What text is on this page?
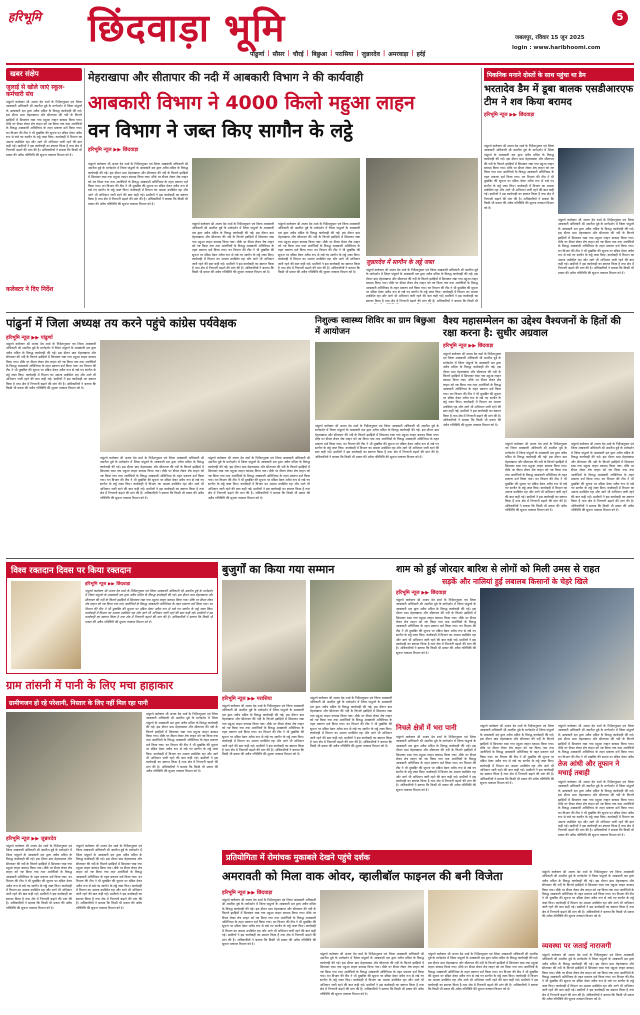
हरिभूमि छिंदवाड़ा भूमि	5
पांढुर्णा | सौसर | चौरई | बिछुआ | परासिया | जुन्नारदेव | अमरवाड़ा | हर्रई
जबलपुर, रविवार 15 जून 2025
login : www.haribhoomi.com
खबर संक्षेप
जुलाई से खोले जाएं स्कूल-कर्मचारी संघ
पांढुर्णा कलेक्टर श्री अजय देव शर्मा के निर्देशानुसार एवं जिला आबकारी अधिकारी श्री अमरीश दुबे के मार्गदर्शन में जिला पांढुर्णा के आबकारी दल द्वारा अवैध मदिरा के विरुद्ध कार्यवाही की गई। इस दौरान ग्राम मेहराखापा और सीतापार की नदी के किनारे झाड़ियों में छिपाकर रखा गया महुआ लाहन बरामद किया गया। मौके पर सैंपल लेकर शेष लाहन को नष्ट किया गया तथा आरोपियों के विरुद्ध आबकारी अधिनियम के तहत प्रकरण दर्ज किया गया। वन विभाग की टीम ने भी मुखबिर की सूचना पर दबिश देकर अवैध रूप से रखे गए सागौन के लट्ठे जब्त किए। कार्यवाही में विभाग का अमला उपस्थित रहा और आगे भी अभियान जारी रहने की बात कही गई। ग्रामीणों ने इस कार्यवाही का स्वागत किया है तथा क्षेत्र में निगरानी बढ़ाने की मांग की है। अधिकारियों ने बताया कि किसी भी प्रकार की अवैध गतिविधि की सूचना तत्काल विभाग को दें।
कलेक्टर ने दिए निर्देश
मेहराखापा और सीतापार की नदी में आबकारी विभाग ने की कार्यवाही
आबकारी विभाग ने 4000 किलो महुआ लाहन
वन विभाग ने जब्त किए सागौन के लट्ठे
हरिभूमि न्यूज ▶▶ छिंदवाड़ा
पांढुर्णा कलेक्टर श्री अजय देव शर्मा के निर्देशानुसार एवं जिला आबकारी अधिकारी श्री अमरीश दुबे के मार्गदर्शन में जिला पांढुर्णा के आबकारी दल द्वारा अवैध मदिरा के विरुद्ध कार्यवाही की गई। इस दौरान ग्राम मेहराखापा और सीतापार की नदी के किनारे झाड़ियों में छिपाकर रखा गया महुआ लाहन बरामद किया गया। मौके पर सैंपल लेकर शेष लाहन को नष्ट किया गया तथा आरोपियों के विरुद्ध आबकारी अधिनियम के तहत प्रकरण दर्ज किया गया। वन विभाग की टीम ने भी मुखबिर की सूचना पर दबिश देकर अवैध रूप से रखे गए सागौन के लट्ठे जब्त किए। कार्यवाही में विभाग का अमला उपस्थित रहा और आगे भी अभियान जारी रहने की बात कही गई। ग्रामीणों ने इस कार्यवाही का स्वागत किया है तथा क्षेत्र में निगरानी बढ़ाने की मांग की है। अधिकारियों ने बताया कि किसी भी प्रकार की अवैध गतिविधि की सूचना तत्काल विभाग को दें।
जुन्नारदेव में सागौन के लट्ठे जब्त
पांढुर्णा कलेक्टर श्री अजय देव शर्मा के निर्देशानुसार एवं जिला आबकारी अधिकारी श्री अमरीश दुबे के मार्गदर्शन में जिला पांढुर्णा के आबकारी दल द्वारा अवैध मदिरा के विरुद्ध कार्यवाही की गई। इस दौरान ग्राम मेहराखापा और सीतापार की नदी के किनारे झाड़ियों में छिपाकर रखा गया महुआ लाहन बरामद किया गया। मौके पर सैंपल लेकर शेष लाहन को नष्ट किया गया तथा आरोपियों के विरुद्ध आबकारी अधिनियम के तहत प्रकरण दर्ज किया गया। वन विभाग की टीम ने भी मुखबिर की सूचना पर दबिश देकर अवैध रूप से रखे गए सागौन के लट्ठे जब्त किए। कार्यवाही में विभाग का अमला उपस्थित रहा और आगे भी अभियान जारी रहने की बात कही गई। ग्रामीणों ने इस कार्यवाही का स्वागत किया है तथा क्षेत्र में निगरानी बढ़ाने की मांग की है। अधिकारियों ने बताया कि किसी भी
पांढुर्णा कलेक्टर श्री अजय देव शर्मा के निर्देशानुसार एवं जिला आबकारी अधिकारी श्री अमरीश दुबे के मार्गदर्शन में जिला पांढुर्णा के आबकारी दल द्वारा अवैध मदिरा के विरुद्ध कार्यवाही की गई। इस दौरान ग्राम मेहराखापा और सीतापार की नदी के किनारे झाड़ियों में छिपाकर रखा गया महुआ लाहन बरामद किया गया। मौके पर सैंपल लेकर शेष लाहन को नष्ट किया गया तथा आरोपियों के विरुद्ध आबकारी अधिनियम के तहत प्रकरण दर्ज किया गया। वन विभाग की टीम ने भी मुखबिर की सूचना पर दबिश देकर अवैध रूप से रखे गए सागौन के लट्ठे जब्त किए। कार्यवाही में विभाग का अमला उपस्थित रहा और आगे भी अभियान जारी रहने की बात कही गई। ग्रामीणों ने इस कार्यवाही का स्वागत किया है तथा क्षेत्र में निगरानी बढ़ाने की मांग की है। अधिकारियों ने बताया कि किसी भी प्रकार की अवैध गतिविधि की सूचना तत्काल विभाग को दें।
पांढुर्णा कलेक्टर श्री अजय देव शर्मा के निर्देशानुसार एवं जिला आबकारी अधिकारी श्री अमरीश दुबे के मार्गदर्शन में जिला पांढुर्णा के आबकारी दल द्वारा अवैध मदिरा के विरुद्ध कार्यवाही की गई। इस दौरान ग्राम मेहराखापा और सीतापार की नदी के किनारे झाड़ियों में छिपाकर रखा गया महुआ लाहन बरामद किया गया। मौके पर सैंपल लेकर शेष लाहन को नष्ट किया गया तथा आरोपियों के विरुद्ध आबकारी अधिनियम के तहत प्रकरण दर्ज किया गया। वन विभाग की टीम ने भी मुखबिर की सूचना पर दबिश देकर अवैध रूप से रखे गए सागौन के लट्ठे जब्त किए। कार्यवाही में विभाग का अमला उपस्थित रहा और आगे भी अभियान जारी रहने की बात कही गई। ग्रामीणों ने इस कार्यवाही का स्वागत किया है तथा क्षेत्र में निगरानी बढ़ाने की मांग की है। अधिकारियों ने बताया कि किसी भी प्रकार की अवैध गतिविधि की सूचना तत्काल विभाग को दें।
पिकनिक मनाने दोस्तों के साथ पहुंचा था डैम
भरतादेव डैम में डूबा बालक एसडीआरएफ टीम ने शव किया बरामद
हरिभूमि न्यूज ▶▶ छिंदवाड़ा
पांढुर्णा कलेक्टर श्री अजय देव शर्मा के निर्देशानुसार एवं जिला आबकारी अधिकारी श्री अमरीश दुबे के मार्गदर्शन में जिला पांढुर्णा के आबकारी दल द्वारा अवैध मदिरा के विरुद्ध कार्यवाही की गई। इस दौरान ग्राम मेहराखापा और सीतापार की नदी के किनारे झाड़ियों में छिपाकर रखा गया महुआ लाहन बरामद किया गया। मौके पर सैंपल लेकर शेष लाहन को नष्ट किया गया तथा आरोपियों के विरुद्ध आबकारी अधिनियम के तहत प्रकरण दर्ज किया गया। वन विभाग की टीम ने भी मुखबिर की सूचना पर दबिश देकर अवैध रूप से रखे गए सागौन के लट्ठे जब्त किए। कार्यवाही में विभाग का अमला उपस्थित रहा और आगे भी अभियान जारी रहने की बात कही गई। ग्रामीणों ने इस कार्यवाही का स्वागत किया है तथा क्षेत्र में निगरानी बढ़ाने की मांग की है। अधिकारियों ने बताया कि किसी भी प्रकार की अवैध गतिविधि की सूचना तत्काल विभाग को दें।
पांढुर्णा कलेक्टर श्री अजय देव शर्मा के निर्देशानुसार एवं जिला आबकारी अधिकारी श्री अमरीश दुबे के मार्गदर्शन में जिला पांढुर्णा के आबकारी दल द्वारा अवैध मदिरा के विरुद्ध कार्यवाही की गई। इस दौरान ग्राम मेहराखापा और सीतापार की नदी के किनारे झाड़ियों में छिपाकर रखा गया महुआ लाहन बरामद किया गया। मौके पर सैंपल लेकर शेष लाहन को नष्ट किया गया तथा आरोपियों के विरुद्ध आबकारी अधिनियम के तहत प्रकरण दर्ज किया गया। वन विभाग की टीम ने भी मुखबिर की सूचना पर दबिश देकर अवैध रूप से रखे गए सागौन के लट्ठे जब्त किए। कार्यवाही में विभाग का अमला उपस्थित रहा और आगे भी अभियान जारी रहने की बात कही गई। ग्रामीणों ने इस कार्यवाही का स्वागत किया है तथा क्षेत्र में निगरानी बढ़ाने की मांग की है। अधिकारियों ने बताया कि किसी भी प्रकार की अवैध गतिविधि की सूचना तत्काल विभाग को दें।
पांढुर्ना में जिला अध्यक्ष तय करने पहुंचे कांग्रेस पर्यवेक्षक
हरिभूमि न्यूज ▶▶ पांढुर्णा
पांढुर्णा कलेक्टर श्री अजय देव शर्मा के निर्देशानुसार एवं जिला आबकारी अधिकारी श्री अमरीश दुबे के मार्गदर्शन में जिला पांढुर्णा के आबकारी दल द्वारा अवैध मदिरा के विरुद्ध कार्यवाही की गई। इस दौरान ग्राम मेहराखापा और सीतापार की नदी के किनारे झाड़ियों में छिपाकर रखा गया महुआ लाहन बरामद किया गया। मौके पर सैंपल लेकर शेष लाहन को नष्ट किया गया तथा आरोपियों के विरुद्ध आबकारी अधिनियम के तहत प्रकरण दर्ज किया गया। वन विभाग की टीम ने भी मुखबिर की सूचना पर दबिश देकर अवैध रूप से रखे गए सागौन के लट्ठे जब्त किए। कार्यवाही में विभाग का अमला उपस्थित रहा और आगे भी अभियान जारी रहने की बात कही गई। ग्रामीणों ने इस कार्यवाही का स्वागत किया है तथा क्षेत्र में निगरानी बढ़ाने की मांग की है। अधिकारियों ने बताया कि किसी भी प्रकार की अवैध गतिविधि की सूचना तत्काल विभाग को दें।
पांढुर्णा कलेक्टर श्री अजय देव शर्मा के निर्देशानुसार एवं जिला आबकारी अधिकारी श्री अमरीश दुबे के मार्गदर्शन में जिला पांढुर्णा के आबकारी दल द्वारा अवैध मदिरा के विरुद्ध कार्यवाही की गई। इस दौरान ग्राम मेहराखापा और सीतापार की नदी के किनारे झाड़ियों में छिपाकर रखा गया महुआ लाहन बरामद किया गया। मौके पर सैंपल लेकर शेष लाहन को नष्ट किया गया तथा आरोपियों के विरुद्ध आबकारी अधिनियम के तहत प्रकरण दर्ज किया गया। वन विभाग की टीम ने भी मुखबिर की सूचना पर दबिश देकर अवैध रूप से रखे गए सागौन के लट्ठे जब्त किए। कार्यवाही में विभाग का अमला उपस्थित रहा और आगे भी अभियान जारी रहने की बात कही गई। ग्रामीणों ने इस कार्यवाही का स्वागत किया है तथा क्षेत्र में निगरानी बढ़ाने की मांग की है। अधिकारियों ने बताया कि किसी भी प्रकार की अवैध गतिविधि की सूचना तत्काल विभाग को दें।
पांढुर्णा कलेक्टर श्री अजय देव शर्मा के निर्देशानुसार एवं जिला आबकारी अधिकारी श्री अमरीश दुबे के मार्गदर्शन में जिला पांढुर्णा के आबकारी दल द्वारा अवैध मदिरा के विरुद्ध कार्यवाही की गई। इस दौरान ग्राम मेहराखापा और सीतापार की नदी के किनारे झाड़ियों में छिपाकर रखा गया महुआ लाहन बरामद किया गया। मौके पर सैंपल लेकर शेष लाहन को नष्ट किया गया तथा आरोपियों के विरुद्ध आबकारी अधिनियम के तहत प्रकरण दर्ज किया गया। वन विभाग की टीम ने भी मुखबिर की सूचना पर दबिश देकर अवैध रूप से रखे गए सागौन के लट्ठे जब्त किए। कार्यवाही में विभाग का अमला उपस्थित रहा और आगे भी अभियान जारी रहने की बात कही गई। ग्रामीणों ने इस कार्यवाही का स्वागत किया है तथा क्षेत्र में निगरानी बढ़ाने की मांग की है। अधिकारियों ने बताया कि किसी भी प्रकार की अवैध गतिविधि की सूचना तत्काल विभाग को दें।
निशुल्क स्वास्थ्य शिविर का ग्राम बिछुआ में आयोजन
पांढुर्णा कलेक्टर श्री अजय देव शर्मा के निर्देशानुसार एवं जिला आबकारी अधिकारी श्री अमरीश दुबे के मार्गदर्शन में जिला पांढुर्णा के आबकारी दल द्वारा अवैध मदिरा के विरुद्ध कार्यवाही की गई। इस दौरान ग्राम मेहराखापा और सीतापार की नदी के किनारे झाड़ियों में छिपाकर रखा गया महुआ लाहन बरामद किया गया। मौके पर सैंपल लेकर शेष लाहन को नष्ट किया गया तथा आरोपियों के विरुद्ध आबकारी अधिनियम के तहत प्रकरण दर्ज किया गया। वन विभाग की टीम ने भी मुखबिर की सूचना पर दबिश देकर अवैध रूप से रखे गए सागौन के लट्ठे जब्त किए। कार्यवाही में विभाग का अमला उपस्थित रहा और आगे भी अभियान जारी रहने की बात कही गई। ग्रामीणों ने इस कार्यवाही का स्वागत किया है तथा क्षेत्र में निगरानी बढ़ाने की मांग की है। अधिकारियों ने बताया कि किसी भी प्रकार की अवैध गतिविधि की सूचना तत्काल विभाग को दें।
वैश्य महासम्मेलन का उद्देश्य वैश्यजनों के हितों की रक्षा करना है: सुधीर अग्रवाल
हरिभूमि न्यूज ▶▶ छिंदवाड़ा
पांढुर्णा कलेक्टर श्री अजय देव शर्मा के निर्देशानुसार एवं जिला आबकारी अधिकारी श्री अमरीश दुबे के मार्गदर्शन में जिला पांढुर्णा के आबकारी दल द्वारा अवैध मदिरा के विरुद्ध कार्यवाही की गई। इस दौरान ग्राम मेहराखापा और सीतापार की नदी के किनारे झाड़ियों में छिपाकर रखा गया महुआ लाहन बरामद किया गया। मौके पर सैंपल लेकर शेष लाहन को नष्ट किया गया तथा आरोपियों के विरुद्ध आबकारी अधिनियम के तहत प्रकरण दर्ज किया गया। वन विभाग की टीम ने भी मुखबिर की सूचना पर दबिश देकर अवैध रूप से रखे गए सागौन के लट्ठे जब्त किए। कार्यवाही में विभाग का अमला उपस्थित रहा और आगे भी अभियान जारी रहने की बात कही गई। ग्रामीणों ने इस कार्यवाही का स्वागत किया है तथा क्षेत्र में निगरानी बढ़ाने की मांग की है। अधिकारियों ने बताया कि किसी भी प्रकार की अवैध गतिविधि की सूचना तत्काल विभाग को दें।
पांढुर्णा कलेक्टर श्री अजय देव शर्मा के निर्देशानुसार एवं जिला आबकारी अधिकारी श्री अमरीश दुबे के मार्गदर्शन में जिला पांढुर्णा के आबकारी दल द्वारा अवैध मदिरा के विरुद्ध कार्यवाही की गई। इस दौरान ग्राम मेहराखापा और सीतापार की नदी के किनारे झाड़ियों में छिपाकर रखा गया महुआ लाहन बरामद किया गया। मौके पर सैंपल लेकर शेष लाहन को नष्ट किया गया तथा आरोपियों के विरुद्ध आबकारी अधिनियम के तहत प्रकरण दर्ज किया गया। वन विभाग की टीम ने भी मुखबिर की सूचना पर दबिश देकर अवैध रूप से रखे गए सागौन के लट्ठे जब्त किए। कार्यवाही में विभाग का अमला उपस्थित रहा और आगे भी अभियान जारी रहने की बात कही गई। ग्रामीणों ने इस कार्यवाही का स्वागत किया है तथा क्षेत्र में निगरानी बढ़ाने की मांग की है। अधिकारियों ने बताया कि किसी भी प्रकार की अवैध गतिविधि की सूचना तत्काल विभाग को दें।
पांढुर्णा कलेक्टर श्री अजय देव शर्मा के निर्देशानुसार एवं जिला आबकारी अधिकारी श्री अमरीश दुबे के मार्गदर्शन में जिला पांढुर्णा के आबकारी दल द्वारा अवैध मदिरा के विरुद्ध कार्यवाही की गई। इस दौरान ग्राम मेहराखापा और सीतापार की नदी के किनारे झाड़ियों में छिपाकर रखा गया महुआ लाहन बरामद किया गया। मौके पर सैंपल लेकर शेष लाहन को नष्ट किया गया तथा आरोपियों के विरुद्ध आबकारी अधिनियम के तहत प्रकरण दर्ज किया गया। वन विभाग की टीम ने भी मुखबिर की सूचना पर दबिश देकर अवैध रूप से रखे गए सागौन के लट्ठे जब्त किए। कार्यवाही में विभाग का अमला उपस्थित रहा और आगे भी अभियान जारी रहने की बात कही गई। ग्रामीणों ने इस कार्यवाही का स्वागत किया है तथा क्षेत्र में निगरानी बढ़ाने की मांग की है। अधिकारियों ने बताया कि किसी भी प्रकार की अवैध गतिविधि की सूचना तत्काल विभाग को दें।
विश्व रक्तदान दिवस पर किया रक्तदान
हरिभूमि न्यूज ▶▶ छिंदवाड़ा
पांढुर्णा कलेक्टर श्री अजय देव शर्मा के निर्देशानुसार एवं जिला आबकारी अधिकारी श्री अमरीश दुबे के मार्गदर्शन में जिला पांढुर्णा के आबकारी दल द्वारा अवैध मदिरा के विरुद्ध कार्यवाही की गई। इस दौरान ग्राम मेहराखापा और सीतापार की नदी के किनारे झाड़ियों में छिपाकर रखा गया महुआ लाहन बरामद किया गया। मौके पर सैंपल लेकर शेष लाहन को नष्ट किया गया तथा आरोपियों के विरुद्ध आबकारी अधिनियम के तहत प्रकरण दर्ज किया गया। वन विभाग की टीम ने भी मुखबिर की सूचना पर दबिश देकर अवैध रूप से रखे गए सागौन के लट्ठे जब्त किए। कार्यवाही में विभाग का अमला उपस्थित रहा और आगे भी अभियान जारी रहने की बात कही गई। ग्रामीणों ने इस कार्यवाही का स्वागत किया है तथा क्षेत्र में निगरानी बढ़ाने की मांग की है। अधिकारियों ने बताया कि किसी भी प्रकार की अवैध गतिविधि की सूचना तत्काल विभाग को दें।
बुजुर्गों का किया गया सम्मान
हरिभूमि न्यूज ▶▶ परासिया
पांढुर्णा कलेक्टर श्री अजय देव शर्मा के निर्देशानुसार एवं जिला आबकारी अधिकारी श्री अमरीश दुबे के मार्गदर्शन में जिला पांढुर्णा के आबकारी दल द्वारा अवैध मदिरा के विरुद्ध कार्यवाही की गई। इस दौरान ग्राम मेहराखापा और सीतापार की नदी के किनारे झाड़ियों में छिपाकर रखा गया महुआ लाहन बरामद किया गया। मौके पर सैंपल लेकर शेष लाहन को नष्ट किया गया तथा आरोपियों के विरुद्ध आबकारी अधिनियम के तहत प्रकरण दर्ज किया गया। वन विभाग की टीम ने भी मुखबिर की सूचना पर दबिश देकर अवैध रूप से रखे गए सागौन के लट्ठे जब्त किए। कार्यवाही में विभाग का अमला उपस्थित रहा और आगे भी अभियान जारी रहने की बात कही गई। ग्रामीणों ने इस कार्यवाही का स्वागत किया है तथा क्षेत्र में निगरानी बढ़ाने की मांग की है। अधिकारियों ने बताया कि किसी भी प्रकार की अवैध गतिविधि की सूचना तत्काल विभाग को दें।
पांढुर्णा कलेक्टर श्री अजय देव शर्मा के निर्देशानुसार एवं जिला आबकारी अधिकारी श्री अमरीश दुबे के मार्गदर्शन में जिला पांढुर्णा के आबकारी दल द्वारा अवैध मदिरा के विरुद्ध कार्यवाही की गई। इस दौरान ग्राम मेहराखापा और सीतापार की नदी के किनारे झाड़ियों में छिपाकर रखा गया महुआ लाहन बरामद किया गया। मौके पर सैंपल लेकर शेष लाहन को नष्ट किया गया तथा आरोपियों के विरुद्ध आबकारी अधिनियम के तहत प्रकरण दर्ज किया गया। वन विभाग की टीम ने भी मुखबिर की सूचना पर दबिश देकर अवैध रूप से रखे गए सागौन के लट्ठे जब्त किए। कार्यवाही में विभाग का अमला उपस्थित रहा और आगे भी अभियान जारी रहने की बात कही गई। ग्रामीणों ने इस कार्यवाही का स्वागत किया है तथा क्षेत्र में निगरानी बढ़ाने की मांग की है। अधिकारियों ने बताया कि किसी भी प्रकार की अवैध गतिविधि की सूचना तत्काल विभाग को दें।
शाम को हुई जोरदार बारिश से लोगों को मिली उमस से राहत
सड़कें और नालियां हुईं लबालब किसानों के चेहरे खिले
हरिभूमि न्यूज ▶▶ छिंदवाड़ा
पांढुर्णा कलेक्टर श्री अजय देव शर्मा के निर्देशानुसार एवं जिला आबकारी अधिकारी श्री अमरीश दुबे के मार्गदर्शन में जिला पांढुर्णा के आबकारी दल द्वारा अवैध मदिरा के विरुद्ध कार्यवाही की गई। इस दौरान ग्राम मेहराखापा और सीतापार की नदी के किनारे झाड़ियों में छिपाकर रखा गया महुआ लाहन बरामद किया गया। मौके पर सैंपल लेकर शेष लाहन को नष्ट किया गया तथा आरोपियों के विरुद्ध आबकारी अधिनियम के तहत प्रकरण दर्ज किया गया। वन विभाग की टीम ने भी मुखबिर की सूचना पर दबिश देकर अवैध रूप से रखे गए सागौन के लट्ठे जब्त किए। कार्यवाही में विभाग का अमला उपस्थित रहा और आगे भी अभियान जारी रहने की बात कही गई। ग्रामीणों ने इस कार्यवाही का स्वागत किया है तथा क्षेत्र में निगरानी बढ़ाने की मांग की है। अधिकारियों ने बताया कि किसी भी प्रकार की अवैध गतिविधि की सूचना तत्काल विभाग को दें।
निचले क्षेत्रों में भरा पानी
पांढुर्णा कलेक्टर श्री अजय देव शर्मा के निर्देशानुसार एवं जिला आबकारी अधिकारी श्री अमरीश दुबे के मार्गदर्शन में जिला पांढुर्णा के आबकारी दल द्वारा अवैध मदिरा के विरुद्ध कार्यवाही की गई। इस दौरान ग्राम मेहराखापा और सीतापार की नदी के किनारे झाड़ियों में छिपाकर रखा गया महुआ लाहन बरामद किया गया। मौके पर सैंपल लेकर शेष लाहन को नष्ट किया गया तथा आरोपियों के विरुद्ध आबकारी अधिनियम के तहत प्रकरण दर्ज किया गया। वन विभाग की टीम ने भी मुखबिर की सूचना पर दबिश देकर अवैध रूप से रखे गए सागौन के लट्ठे जब्त किए। कार्यवाही में विभाग का अमला उपस्थित रहा और आगे भी अभियान जारी रहने की बात कही गई। ग्रामीणों ने इस कार्यवाही का स्वागत किया है तथा क्षेत्र में निगरानी बढ़ाने की मांग की है। अधिकारियों ने बताया कि किसी भी प्रकार की अवैध गतिविधि की सूचना तत्काल विभाग को दें।
पांढुर्णा कलेक्टर श्री अजय देव शर्मा के निर्देशानुसार एवं जिला आबकारी अधिकारी श्री अमरीश दुबे के मार्गदर्शन में जिला पांढुर्णा के आबकारी दल द्वारा अवैध मदिरा के विरुद्ध कार्यवाही की गई। इस दौरान ग्राम मेहराखापा और सीतापार की नदी के किनारे झाड़ियों में छिपाकर रखा गया महुआ लाहन बरामद किया गया। मौके पर सैंपल लेकर शेष लाहन को नष्ट किया गया तथा आरोपियों के विरुद्ध आबकारी अधिनियम के तहत प्रकरण दर्ज किया गया। वन विभाग की टीम ने भी मुखबिर की सूचना पर दबिश देकर अवैध रूप से रखे गए सागौन के लट्ठे जब्त किए। कार्यवाही में विभाग का अमला उपस्थित रहा और आगे भी अभियान जारी रहने की बात कही गई। ग्रामीणों ने इस कार्यवाही का स्वागत किया है तथा क्षेत्र में निगरानी बढ़ाने की मांग की है। अधिकारियों ने बताया कि किसी भी प्रकार की अवैध गतिविधि की सूचना तत्काल विभाग को दें।
पांढुर्णा कलेक्टर श्री अजय देव शर्मा के निर्देशानुसार एवं जिला आबकारी अधिकारी श्री अमरीश दुबे के मार्गदर्शन में जिला पांढुर्णा के आबकारी दल द्वारा अवैध मदिरा के विरुद्ध कार्यवाही की गई। इस दौरान ग्राम मेहराखापा और सीतापार की नदी के किनारे झाड़ियों में छिपाकर रखा गया महुआ लाहन बरामद किया गया। मौके पर सैंपल लेकर शेष लाहन को नष्ट किया गया तथा आरोपियों के विरुद्ध आबकारी अधिनियम के तहत प्रकरण दर्ज किया गया। वन विभाग की टीम ने भी मुखबिर की सूचना पर दबिश देकर अवैध
तेज आंधी और तूफान ने मचाई तबाही
पांढुर्णा कलेक्टर श्री अजय देव शर्मा के निर्देशानुसार एवं जिला आबकारी अधिकारी श्री अमरीश दुबे के मार्गदर्शन में जिला पांढुर्णा के आबकारी दल द्वारा अवैध मदिरा के विरुद्ध कार्यवाही की गई। इस दौरान ग्राम मेहराखापा और सीतापार की नदी के किनारे झाड़ियों में छिपाकर रखा गया महुआ लाहन बरामद किया गया। मौके पर सैंपल लेकर शेष लाहन को नष्ट किया गया तथा आरोपियों के विरुद्ध आबकारी अधिनियम के तहत प्रकरण दर्ज किया गया। वन विभाग की टीम ने भी मुखबिर की सूचना पर दबिश देकर अवैध रूप से रखे गए सागौन के लट्ठे जब्त किए। कार्यवाही में विभाग का अमला उपस्थित रहा और आगे भी अभियान जारी रहने की बात कही गई। ग्रामीणों ने इस कार्यवाही का स्वागत किया है तथा क्षेत्र में निगरानी बढ़ाने की मांग की है। अधिकारियों ने बताया कि किसी भी प्रकार की अवैध गतिविधि की सूचना तत्काल विभाग को दें।
ग्राम तांसनी में पानी के लिए मचा हाहाकार
ग्रामीणजन हो रहे परेशानी, निस्तार के लिए नहीं मिल रहा पानी
पांढुर्णा कलेक्टर श्री अजय देव शर्मा के निर्देशानुसार एवं जिला आबकारी अधिकारी श्री अमरीश दुबे के मार्गदर्शन में जिला पांढुर्णा के आबकारी दल द्वारा अवैध मदिरा के विरुद्ध कार्यवाही की गई। इस दौरान ग्राम मेहराखापा और सीतापार की नदी के किनारे झाड़ियों में छिपाकर रखा गया महुआ लाहन बरामद किया गया। मौके पर सैंपल लेकर शेष लाहन को नष्ट किया गया तथा आरोपियों के विरुद्ध आबकारी अधिनियम के तहत प्रकरण दर्ज किया गया। वन विभाग की टीम ने भी मुखबिर की सूचना पर दबिश देकर अवैध रूप से रखे गए सागौन के लट्ठे जब्त किए। कार्यवाही में विभाग का अमला उपस्थित रहा और आगे भी अभियान जारी रहने की बात कही गई। ग्रामीणों ने इस कार्यवाही का स्वागत किया है तथा क्षेत्र में निगरानी बढ़ाने की मांग की है। अधिकारियों ने बताया कि किसी भी प्रकार की अवैध गतिविधि की सूचना तत्काल विभाग को दें।
हरिभूमि न्यूज ▶▶ जुन्नारदेव
पांढुर्णा कलेक्टर श्री अजय देव शर्मा के निर्देशानुसार एवं जिला आबकारी अधिकारी श्री अमरीश दुबे के मार्गदर्शन में जिला पांढुर्णा के आबकारी दल द्वारा अवैध मदिरा के विरुद्ध कार्यवाही की गई। इस दौरान ग्राम मेहराखापा और सीतापार की नदी के किनारे झाड़ियों में छिपाकर रखा गया महुआ लाहन बरामद किया गया। मौके पर सैंपल लेकर शेष लाहन को नष्ट किया गया तथा आरोपियों के विरुद्ध आबकारी अधिनियम के तहत प्रकरण दर्ज किया गया। वन विभाग की टीम ने भी मुखबिर की सूचना पर दबिश देकर अवैध रूप से रखे गए सागौन के लट्ठे जब्त किए। कार्यवाही में विभाग का अमला उपस्थित रहा और आगे भी अभियान जारी रहने की बात कही गई। ग्रामीणों ने इस कार्यवाही का स्वागत किया है तथा क्षेत्र में निगरानी बढ़ाने की मांग की है। अधिकारियों ने बताया कि किसी भी प्रकार की अवैध गतिविधि की सूचना तत्काल विभाग को दें।
पांढुर्णा कलेक्टर श्री अजय देव शर्मा के निर्देशानुसार एवं जिला आबकारी अधिकारी श्री अमरीश दुबे के मार्गदर्शन में जिला पांढुर्णा के आबकारी दल द्वारा अवैध मदिरा के विरुद्ध कार्यवाही की गई। इस दौरान ग्राम मेहराखापा और सीतापार की नदी के किनारे झाड़ियों में छिपाकर रखा गया महुआ लाहन बरामद किया गया। मौके पर सैंपल लेकर शेष लाहन को नष्ट किया गया तथा आरोपियों के विरुद्ध आबकारी अधिनियम के तहत प्रकरण दर्ज किया गया। वन विभाग की टीम ने भी मुखबिर की सूचना पर दबिश देकर अवैध रूप से रखे गए सागौन के लट्ठे जब्त किए। कार्यवाही में विभाग का अमला उपस्थित रहा और आगे भी अभियान जारी रहने की बात कही गई। ग्रामीणों ने इस कार्यवाही का स्वागत किया है तथा क्षेत्र में निगरानी बढ़ाने की मांग की है। अधिकारियों ने बताया कि किसी भी प्रकार की अवैध गतिविधि की सूचना तत्काल विभाग को दें।
प्रतियोगिता में रोमांचक मुकाबले देखने पहुंचे दर्शक
अमरावती को मिला वाक ओवर, व्हालीबॉल फाइनल की बनी विजेता
हरिभूमि न्यूज ▶▶ छिंदवाड़ा
पांढुर्णा कलेक्टर श्री अजय देव शर्मा के निर्देशानुसार एवं जिला आबकारी अधिकारी श्री अमरीश दुबे के मार्गदर्शन में जिला पांढुर्णा के आबकारी दल द्वारा अवैध मदिरा के विरुद्ध कार्यवाही की गई। इस दौरान ग्राम मेहराखापा और सीतापार की नदी के किनारे झाड़ियों में छिपाकर रखा गया महुआ लाहन बरामद किया गया। मौके पर सैंपल लेकर शेष लाहन को नष्ट किया गया तथा आरोपियों के विरुद्ध आबकारी अधिनियम के तहत प्रकरण दर्ज किया गया। वन विभाग की टीम ने भी मुखबिर की सूचना पर दबिश देकर अवैध रूप से रखे गए सागौन के लट्ठे जब्त किए। कार्यवाही में विभाग का अमला उपस्थित रहा और आगे भी अभियान जारी रहने की बात कही गई। ग्रामीणों ने इस कार्यवाही का स्वागत किया है तथा क्षेत्र में निगरानी बढ़ाने की मांग की है। अधिकारियों ने बताया कि किसी भी प्रकार की अवैध गतिविधि की सूचना तत्काल विभाग को दें।
पांढुर्णा कलेक्टर श्री अजय देव शर्मा के निर्देशानुसार एवं जिला आबकारी अधिकारी श्री अमरीश दुबे के मार्गदर्शन में जिला पांढुर्णा के आबकारी दल द्वारा अवैध मदिरा के विरुद्ध कार्यवाही की गई। इस दौरान ग्राम मेहराखापा और सीतापार की नदी के किनारे झाड़ियों में छिपाकर रखा गया महुआ लाहन बरामद किया गया। मौके पर सैंपल लेकर शेष लाहन को नष्ट किया गया तथा आरोपियों के विरुद्ध आबकारी अधिनियम के तहत प्रकरण दर्ज किया गया। वन विभाग की टीम ने भी मुखबिर की सूचना पर दबिश देकर अवैध रूप से रखे गए सागौन के लट्ठे जब्त किए। कार्यवाही में विभाग का अमला उपस्थित रहा और आगे भी अभियान जारी रहने की बात कही गई। ग्रामीणों ने इस कार्यवाही का स्वागत किया है तथा क्षेत्र में निगरानी बढ़ाने की मांग की है। अधिकारियों ने बताया कि किसी भी प्रकार की अवैध गतिविधि की सूचना तत्काल विभाग को दें।
पांढुर्णा कलेक्टर श्री अजय देव शर्मा के निर्देशानुसार एवं जिला आबकारी अधिकारी श्री अमरीश दुबे के मार्गदर्शन में जिला पांढुर्णा के आबकारी दल द्वारा अवैध मदिरा के विरुद्ध कार्यवाही की गई। इस दौरान ग्राम मेहराखापा और सीतापार की नदी के किनारे झाड़ियों में छिपाकर रखा गया महुआ लाहन बरामद किया गया। मौके पर सैंपल लेकर शेष लाहन को नष्ट किया गया तथा आरोपियों के विरुद्ध आबकारी अधिनियम के तहत प्रकरण दर्ज किया गया। वन विभाग की टीम ने भी मुखबिर की सूचना पर दबिश देकर अवैध रूप से रखे गए सागौन के लट्ठे जब्त किए। कार्यवाही में विभाग का अमला उपस्थित रहा और आगे भी अभियान जारी रहने की बात कही गई। ग्रामीणों ने इस कार्यवाही का स्वागत किया है तथा क्षेत्र में निगरानी बढ़ाने की मांग की है। अधिकारियों ने बताया कि किसी भी प्रकार की अवैध गतिविधि की सूचना तत्काल विभाग को दें।
पांढुर्णा कलेक्टर श्री अजय देव शर्मा के निर्देशानुसार एवं जिला आबकारी अधिकारी श्री अमरीश दुबे के मार्गदर्शन में जिला पांढुर्णा के आबकारी दल द्वारा अवैध मदिरा के विरुद्ध कार्यवाही की गई। इस दौरान ग्राम मेहराखापा और सीतापार की नदी के किनारे झाड़ियों में छिपाकर रखा गया महुआ लाहन बरामद किया गया। मौके पर सैंपल लेकर शेष लाहन को नष्ट किया गया तथा आरोपियों के विरुद्ध आबकारी अधिनियम के तहत प्रकरण दर्ज किया गया। वन विभाग की टीम ने भी मुखबिर की सूचना पर दबिश देकर अवैध रूप से रखे गए सागौन के लट्ठे जब्त किए। कार्यवाही में विभाग का अमला उपस्थित रहा और आगे भी अभियान जारी रहने की बात कही गई। ग्रामीणों ने इस कार्यवाही का स्वागत किया है तथा क्षेत्र में निगरानी बढ़ाने की मांग की है। अधिकारियों ने बताया कि किसी भी प्रकार की अवैध गतिविधि की सूचना तत्काल विभाग को दें।
व्यवस्था पर जताई नाराजगी
पांढुर्णा कलेक्टर श्री अजय देव शर्मा के निर्देशानुसार एवं जिला आबकारी अधिकारी श्री अमरीश दुबे के मार्गदर्शन में जिला पांढुर्णा के आबकारी दल द्वारा अवैध मदिरा के विरुद्ध कार्यवाही की गई। इस दौरान ग्राम मेहराखापा और सीतापार की नदी के किनारे झाड़ियों में छिपाकर रखा गया महुआ लाहन बरामद किया गया। मौके पर सैंपल लेकर शेष लाहन को नष्ट किया गया तथा आरोपियों के विरुद्ध आबकारी अधिनियम के तहत प्रकरण दर्ज किया गया। वन विभाग की टीम ने भी मुखबिर की सूचना पर दबिश देकर अवैध रूप से रखे गए सागौन के लट्ठे जब्त किए। कार्यवाही में विभाग का अमला उपस्थित रहा और आगे भी अभियान जारी रहने की बात कही गई। ग्रामीणों ने इस कार्यवाही का स्वागत किया है तथा क्षेत्र में निगरानी बढ़ाने की मांग की है। अधिकारियों ने बताया कि किसी भी प्रकार की अवैध गतिविधि की सूचना तत्काल विभाग को दें।
